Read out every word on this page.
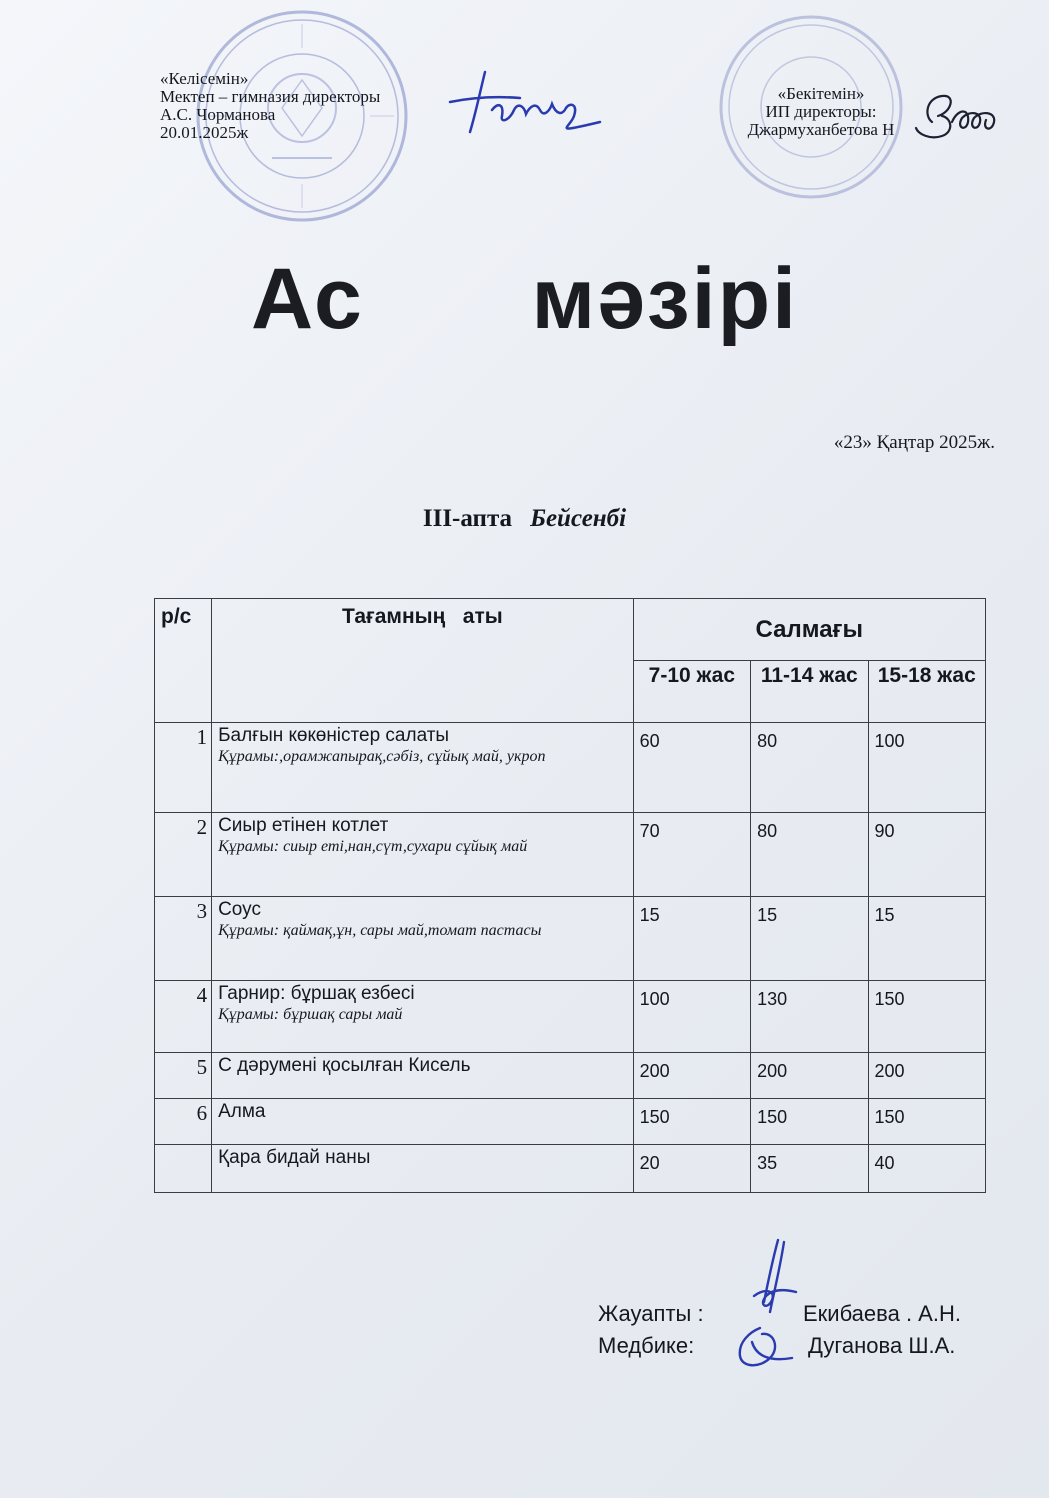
«Келісемін»
Мектеп – гимназия директоры
А.С. Чорманова
20.01.2025ж
«Бекітемін»
ИП директоры:
Джармуханбетова Н
Ас   мәзірі
«23» Қаңтар 2025ж.
III-апта Бейсенбі
р/с	Тағамның   аты	Салмағы		
		7-10 жас	11-14 жас	15-18 жас
1	Балғын көкөністер салаты
Құрамы:,орамжапырақ,сәбіз, сұйық май, укроп	60	80	100
2	Сиыр етінен котлет
Құрамы: сиыр еті,нан,сүт,сухари сұйық май	70	80	90
3	Соус
Құрамы: қаймақ,ұн, сары май,томат пастасы	15	15	15
4	Гарнир: бұршақ езбесі
Құрамы: бұршақ сары май	100	130	150
5	С дәрумені қосылған Кисель	200	200	200
6	Алма	150	150	150

	Қара бидай наны	20	35	40
Жауапты :	Екибаева . А.Н.
Медбике:	Дуганова Ш.А.
